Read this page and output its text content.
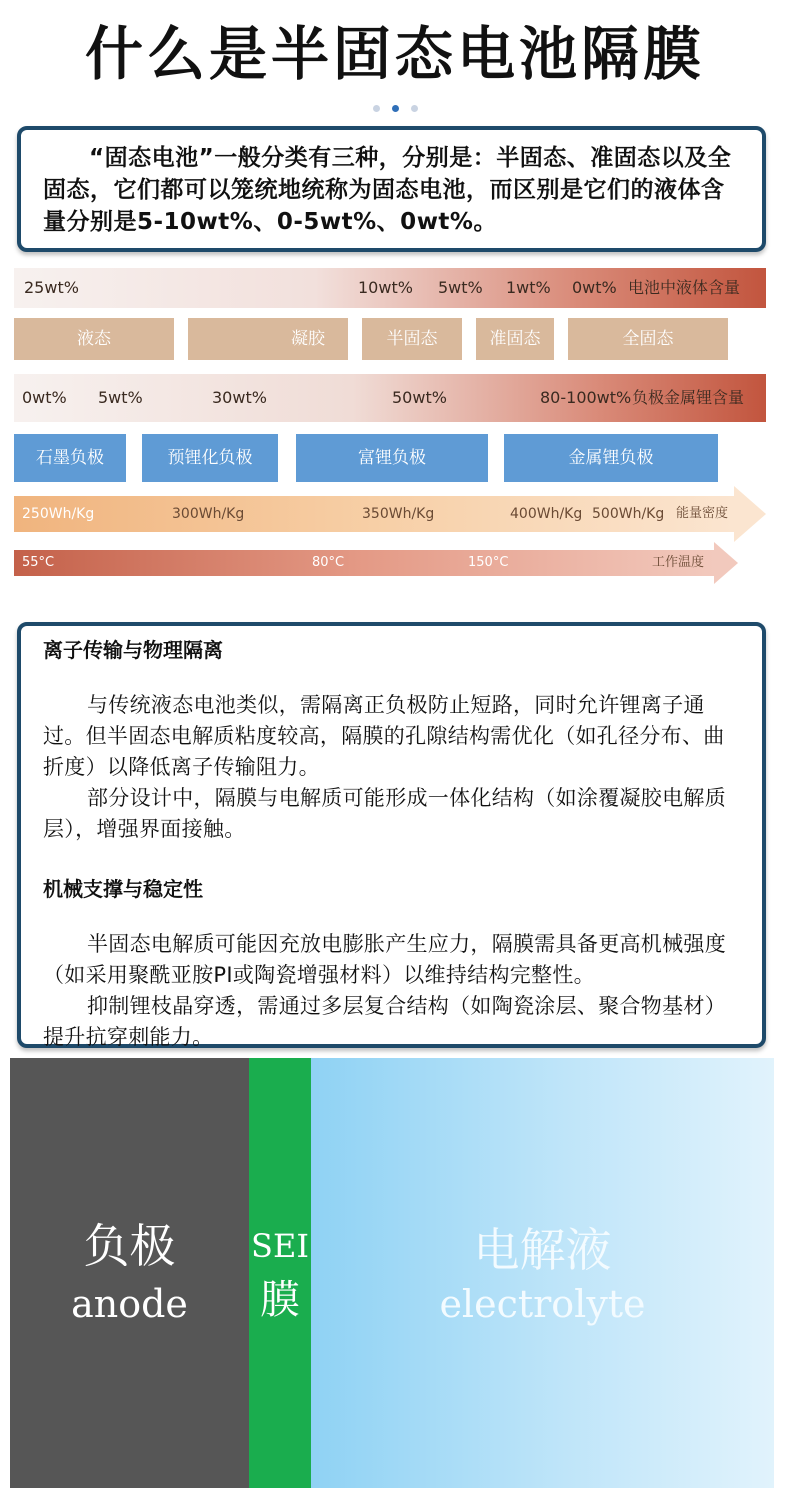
什么是半固态电池隔膜

“固态电池”一般分类有三种，分别是：半固态、准固态以及全固态，它们都可以笼统地统称为固态电池，而区别是它们的液体含量分别是5-10wt%、0-5wt%、0wt%。

25wt%	10wt% 5wt% 1wt% 0wt% 电池中液体含量
液态	凝胶	半固态	准固态	全固态
0wt% 5wt%	30wt%	50wt%	80-100wt% 负极金属锂含量
石墨负极	预锂化负极	富锂负极	金属锂负极
250Wh/Kg	300Wh/Kg	350Wh/Kg	400Wh/Kg 500Wh/Kg 能量密度
55°C	80°C	150°C	工作温度
离子传输与物理隔离

与传统液态电池类似，需隔离正负极防止短路，同时允许锂离子通过。但半固态电解质粘度较高，隔膜的孔隙结构需优化（如孔径分布、曲折度）以降低离子传输阻力。

部分设计中，隔膜与电解质可能形成一体化结构（如涂覆凝胶电解质层），增强界面接触。

机械支撑与稳定性

半固态电解质可能因充放电膨胀产生应力，隔膜需具备更高机械强度（如采用聚酰亚胺PI或陶瓷增强材料）以维持结构完整性。

抑制锂枝晶穿透，需通过多层复合结构（如陶瓷涂层、聚合物基材）提升抗穿刺能力。

负极
anode
SEI
膜
电解液
electrolyte
